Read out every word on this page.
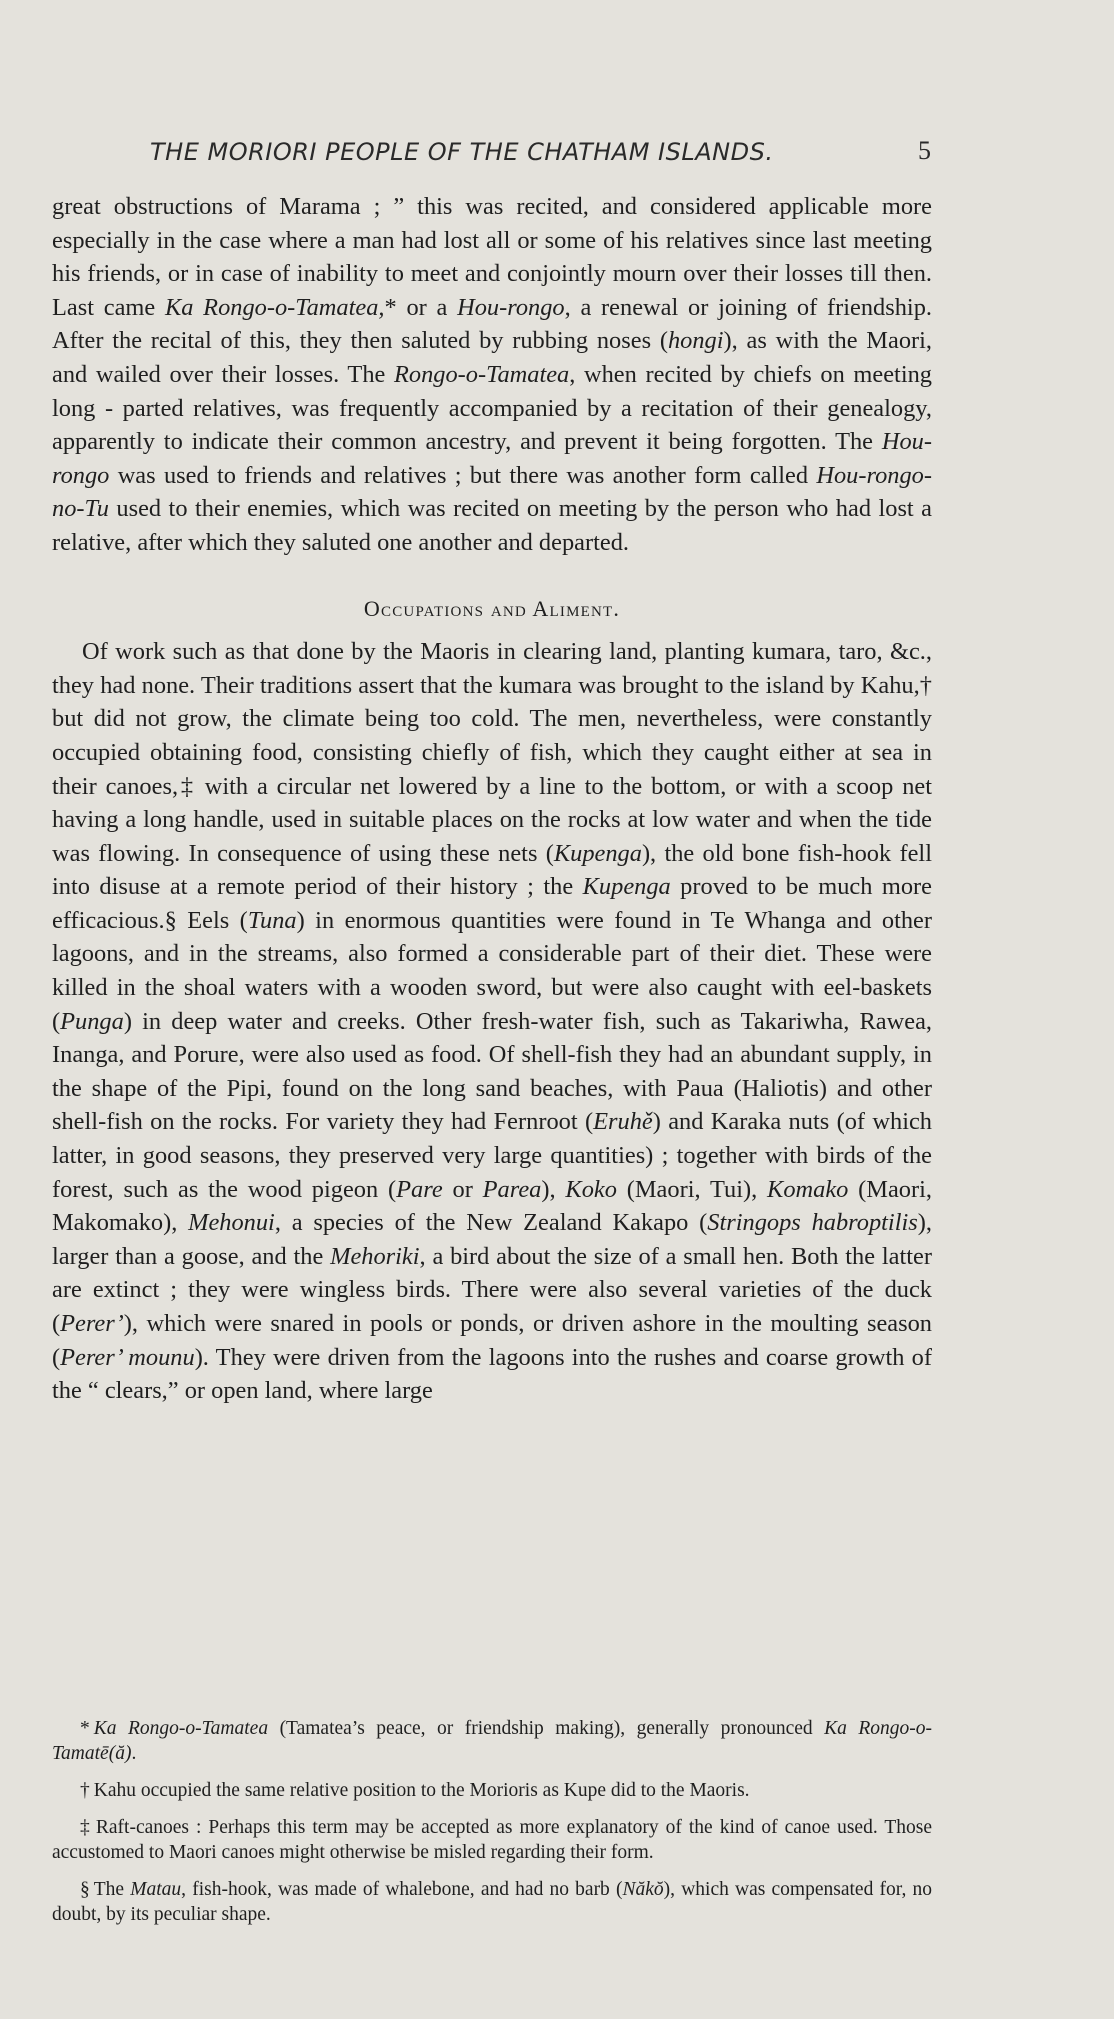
THE MORIORI PEOPLE OF THE CHATHAM ISLANDS.	5

great obstructions of Marama ; ” this was recited, and considered applicable more especially in the case where a man had lost all or some of his relatives since last meeting his friends, or in case of inability to meet and conjointly mourn over their losses till then. Last came Ka Rongo-o-Tamatea,* or a Hou-rongo, a renewal or joining of friendship. After the recital of this, they then saluted by rubbing noses (hongi), as with the Maori, and wailed over their losses. The Rongo-o-Tamatea, when recited by chiefs on meeting long - parted relatives, was frequently accompanied by a recitation of their genealogy, apparently to indicate their common ancestry, and prevent it being forgotten. The Hou-rongo was used to friends and relatives ; but there was another form called Hou-rongo-no-Tu used to their enemies, which was recited on meeting by the person who had lost a relative, after which they saluted one another and departed.

Occupations and Aliment.

Of work such as that done by the Maoris in clearing land, planting kumara, taro, &c., they had none. Their traditions assert that the kumara was brought to the island by Kahu,† but did not grow, the climate being too cold. The men, nevertheless, were constantly occupied obtaining food, consisting chiefly of fish, which they caught either at sea in their canoes,‡ with a circular net lowered by a line to the bottom, or with a scoop net having a long handle, used in suitable places on the rocks at low water and when the tide was flowing. In consequence of using these nets (Kupenga), the old bone fish-hook fell into disuse at a remote period of their history ; the Kupenga proved to be much more efficacious.§ Eels (Tuna) in enormous quantities were found in Te Whanga and other lagoons, and in the streams, also formed a considerable part of their diet. These were killed in the shoal waters with a wooden sword, but were also caught with eel-baskets (Punga) in deep water and creeks. Other fresh-water fish, such as Takariwha, Rawea, Inanga, and Porure, were also used as food. Of shell-fish they had an abundant supply, in the shape of the Pipi, found on the long sand beaches, with Paua (Haliotis) and other shell-fish on the rocks. For variety they had Fernroot (Eruhě) and Karaka nuts (of which latter, in good seasons, they preserved very large quantities) ; together with birds of the forest, such as the wood pigeon (Pare or Parea), Koko (Maori, Tui), Komako (Maori, Makomako), Mehonui, a species of the New Zealand Kakapo (Stringops habroptilis), larger than a goose, and the Mehoriki, a bird about the size of a small hen. Both the latter are extinct ; they were wingless birds. There were also several varieties of the duck (Perer’), which were snared in pools or ponds, or driven ashore in the moulting season (Perer’ mounu). They were driven from the lagoons into the rushes and coarse growth of the “ clears,” or open land, where large

* Ka Rongo-o-Tamatea (Tamatea’s peace, or friendship making), generally pronounced Ka Rongo-o-Tamatē(ă).

† Kahu occupied the same relative position to the Morioris as Kupe did to the Maoris.

‡ Raft-canoes : Perhaps this term may be accepted as more explanatory of the kind of canoe used. Those accustomed to Maori canoes might otherwise be misled regarding their form.

§ The Matau, fish-hook, was made of whalebone, and had no barb (Năkŏ), which was compensated for, no doubt, by its peculiar shape.
